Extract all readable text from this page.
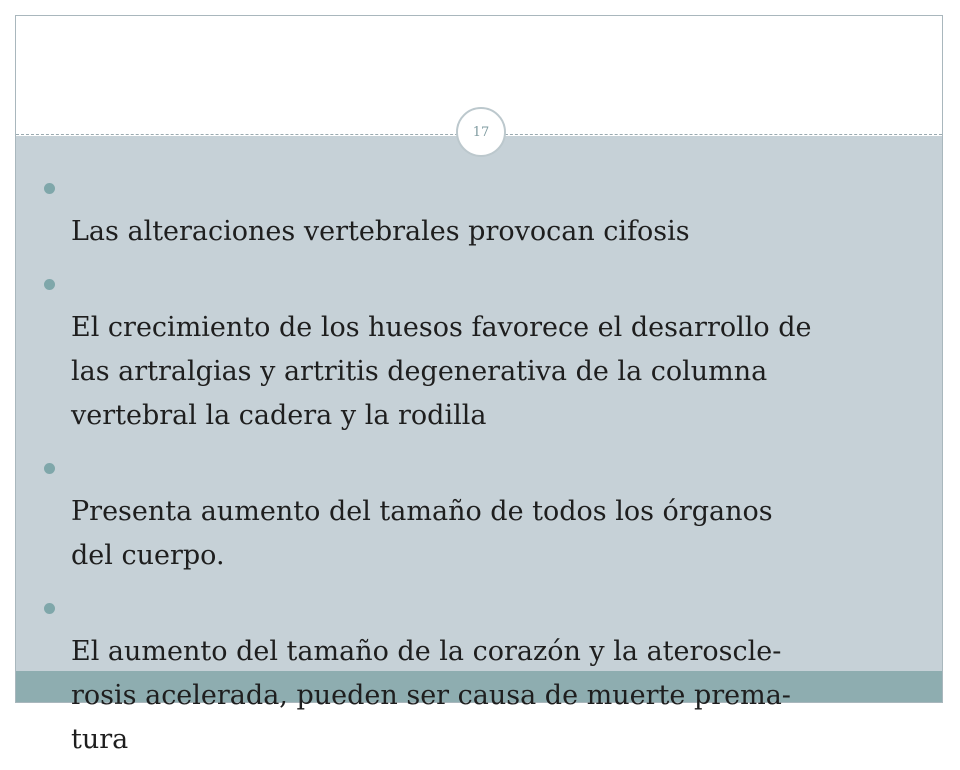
17

Las alteraciones vertebrales provocan cifosis

El crecimiento de los huesos favorece el desarrollo de
las artralgias y artritis degenerativa de la columna
vertebral la cadera y la rodilla

Presenta aumento del tamaño de todos los órganos
del cuerpo.

El aumento del tamaño de la corazón y la ateroscle-
rosis acelerada, pueden ser causa de muerte prema-
tura
